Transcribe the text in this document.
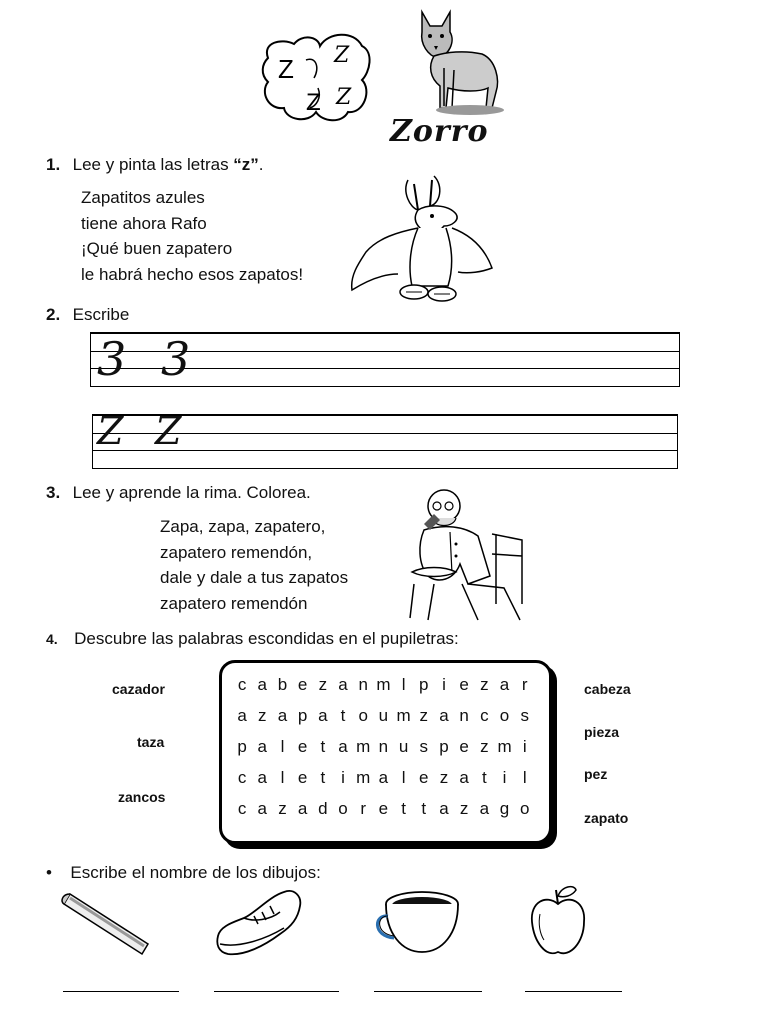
Z
Z
Z
Z
Zorro
1. Lee y pinta las letras “z”.
Zapatitos azules
tiene ahora Rafo
¡Qué buen zapatero
le habrá hecho esos zapatos!
2. Escribe
3 3
Z Z
3. Lee y aprende la rima. Colorea.
Zapa, zapa, zapatero,
zapatero remendón,
dale y dale a tus zapatos
zapatero remendón
4. Descubre las palabras escondidas en el pupiletras:
cazador
taza
zancos
c a b e z a n m l p i e z a r
a z a p a t o u m z a n c o s
p a l e t a m n u s p e z m i
c a l e t i m a l e z a t i l
c a z a d o r e t t a z a g o
cabeza
pieza
pez
zapato
• Escribe el nombre de los dibujos:
